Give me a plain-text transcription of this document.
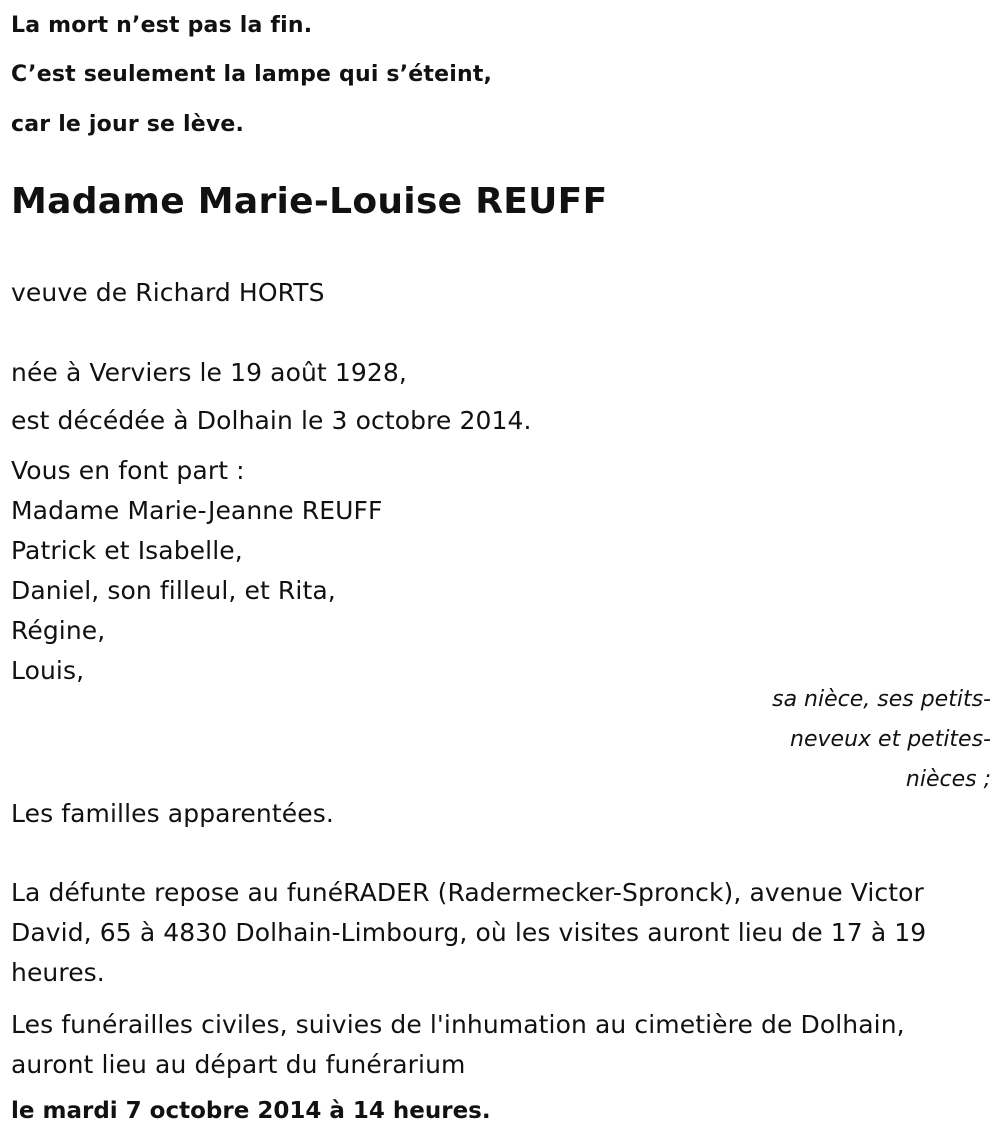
La mort n’est pas la fin.
C’est seulement la lampe qui s’éteint,
car le jour se lève.
Madame Marie-Louise REUFF
veuve de Richard HORTS
née à Verviers le 19 août 1928,
est décédée à Dolhain le 3 octobre 2014.
Vous en font part :
Madame Marie-Jeanne REUFF
Patrick et Isabelle,
Daniel, son filleul, et Rita,
Régine,
Louis,
sa nièce, ses petits-neveux et petites-nièces ;
Les familles apparentées.
La défunte repose au funéRADER (Radermecker-Spronck), avenue Victor David, 65 à 4830 Dolhain-Limbourg, où les visites auront lieu de 17 à 19 heures.
Les funérailles civiles, suivies de l'inhumation au cimetière de Dolhain, auront lieu au départ du funérarium
le mardi 7 octobre 2014 à 14 heures.
